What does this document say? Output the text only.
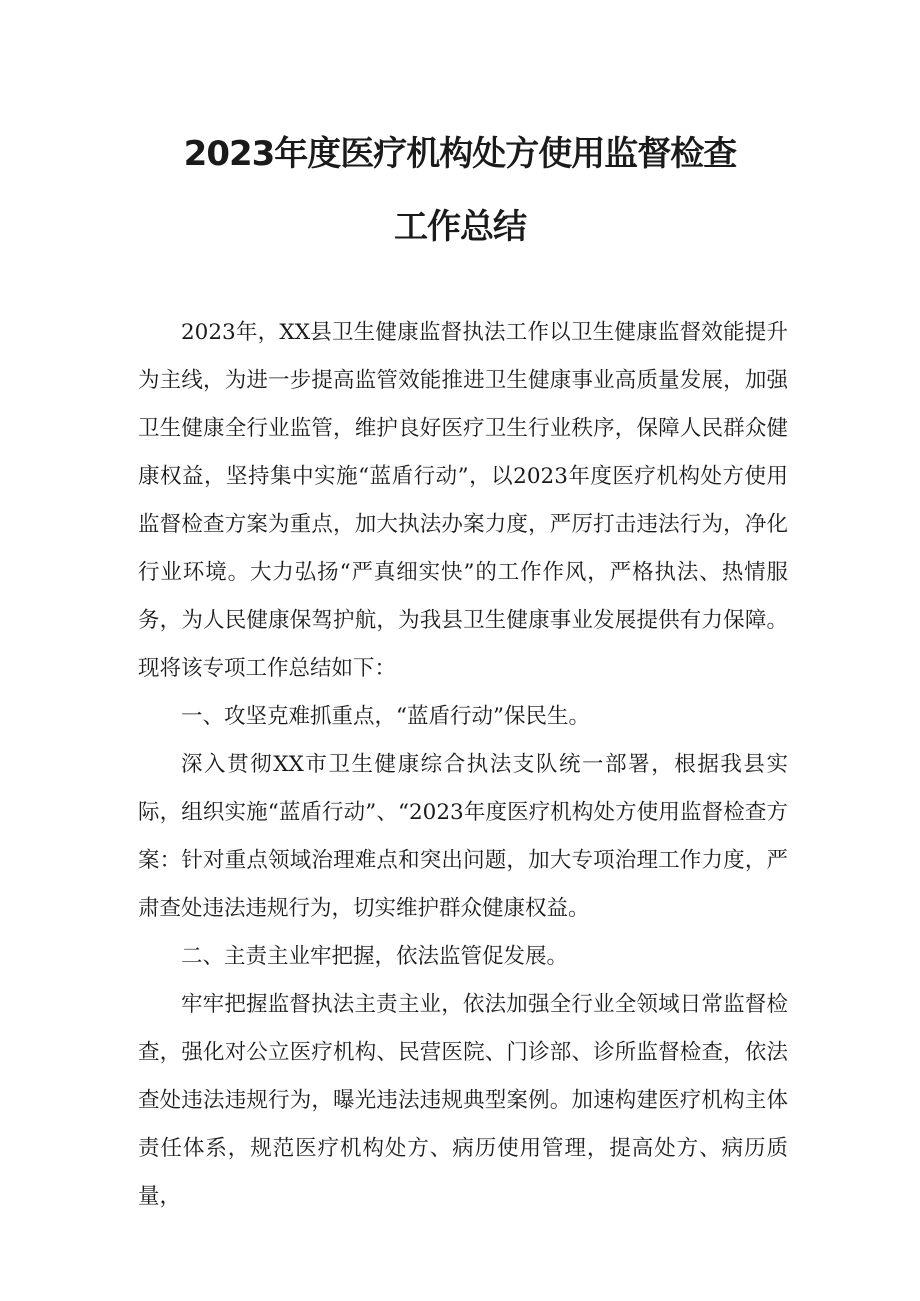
2023年度医疗机构处方使用监督检查
工作总结

2023年，XX县卫生健康监督执法工作以卫生健康监督效能提升为主线，为进一步提高监管效能推进卫生健康事业高质量发展，加强卫生健康全行业监管，维护良好医疗卫生行业秩序，保障人民群众健康权益，坚持集中实施“蓝盾行动”，以2023年度医疗机构处方使用监督检查方案为重点，加大执法办案力度，严厉打击违法行为，净化行业环境。大力弘扬“严真细实快”的工作作风，严格执法、热情服务，为人民健康保驾护航，为我县卫生健康事业发展提供有力保障。现将该专项工作总结如下：

一、攻坚克难抓重点，“蓝盾行动”保民生。

深入贯彻XX市卫生健康综合执法支队统一部署，根据我县实际，组织实施“蓝盾行动”、“2023年度医疗机构处方使用监督检查方案：针对重点领域治理难点和突出问题，加大专项治理工作力度，严肃查处违法违规行为，切实维护群众健康权益。

二、主责主业牢把握，依法监管促发展。

牢牢把握监督执法主责主业，依法加强全行业全领域日常监督检查，强化对公立医疗机构、民营医院、门诊部、诊所监督检查，依法查处违法违规行为，曝光违法违规典型案例。加速构建医疗机构主体责任体系，规范医疗机构处方、病历使用管理，提高处方、病历质量，
